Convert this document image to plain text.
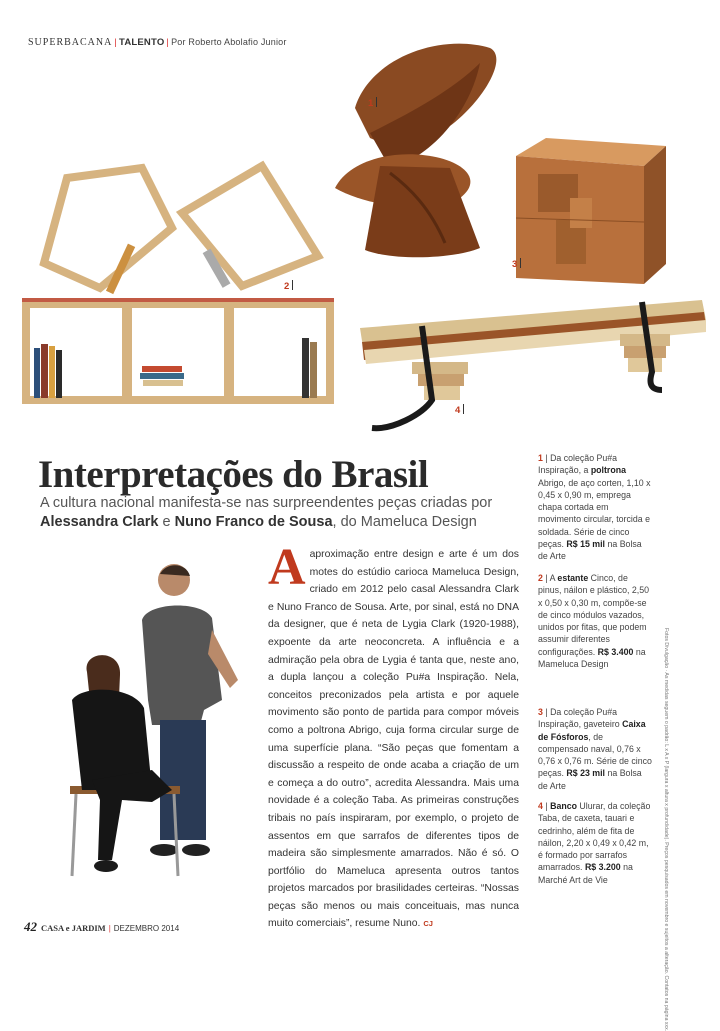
SUPERBACANA | TALENTO | Por Roberto Abolafio Junior
1
2
3
4
Interpretações do Brasil
A cultura nacional manifesta-se nas surpreendentes peças criadas por Alessandra Clark e Nuno Franco de Sousa, do Mameluca Design
Aaproximação entre design e arte é um dos motes do estúdio carioca Mameluca Design, criado em 2012 pelo casal Alessandra Clark e Nuno Franco de Sousa. Arte, por sinal, está no DNA da designer, que é neta de Lygia Clark (1920-1988), expoente da arte neoconcreta. A influência e a admiração pela obra de Lygia é tanta que, neste ano, a dupla lançou a coleção Pu#a Inspiração. Nela, conceitos preconizados pela artista e por aquele movimento são ponto de partida para compor móveis como a poltrona Abrigo, cuja forma circular surge de uma superfície plana. “São peças que fomentam a discussão a respeito de onde acaba a criação de um e começa a do outro”, acredita Alessandra. Mais uma novidade é a coleção Taba. As primeiras construções tribais no país inspiraram, por exemplo, o projeto de assentos em que sarrafos de diferentes tipos de madeira são simplesmente amarrados. Não é só. O portfólio do Mameluca apresenta outros tantos projetos marcados por brasilidades certeiras. “Nossas peças são menos ou mais conceituais, mas nunca muito comerciais”, resume Nuno. CJ
1 | Da coleção Pu#a Inspiração, a poltrona Abrigo, de aço corten, 1,10 x 0,45 x 0,90 m, emprega chapa cortada em movimento circular, torcida e soldada. Série de cinco peças. R$ 15 mil na Bolsa de Arte
2 | A estante Cinco, de pinus, náilon e plástico, 2,50 x 0,50 x 0,30 m, compõe-se de cinco módulos vazados, unidos por fitas, que podem assumir diferentes configurações. R$ 3.400 na Mameluca Design
3 | Da coleção Pu#a Inspiração, gaveteiro Caixa de Fósforos, de compensado naval, 0,76 x 0,76 x 0,76 m. Série de cinco peças. R$ 23 mil na Bolsa de Arte
4 | Banco Ulurar, da coleção Taba, de caxeta, tauari e cedrinho, além de fita de náilon, 2,20 x 0,49 x 0,42 m, é formado por sarrafos amarrados. R$ 3.200 na Marché Art de Vie	Fotos Divulgação · As medidas seguem o padrão: L x A x P (largura x altura x profundidade). Preços pesquisados em novembro e sujeitos a alteração. Contatos na página xxx.
42 CASA e JARDIM | DEZEMBRO 2014
